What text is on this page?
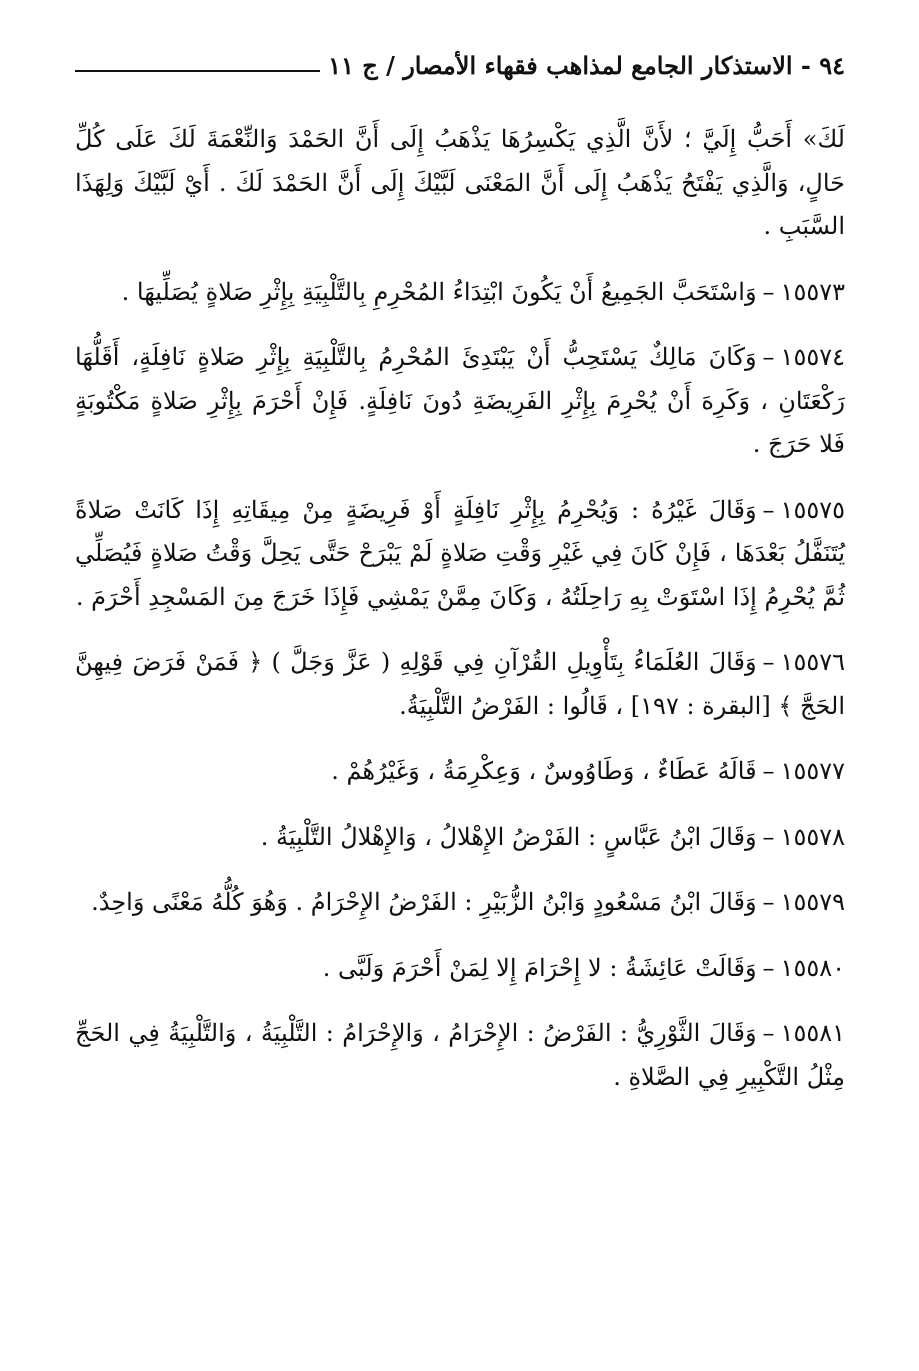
٩٤ - الاستذكار الجامع لمذاهب فقهاء الأمصار / ج ١١

لَكَ» أَحَبُّ إِلَيَّ ؛ لأَنَّ الَّذِي يَكْسِرُهَا يَذْهَبُ إِلَى أَنَّ الحَمْدَ وَالنِّعْمَةَ لَكَ عَلَى كُلِّ حَالٍ، وَالَّذِي يَفْتَحُ يَذْهَبُ إِلَى أَنَّ المَعْنَى لَبَّيْكَ إِلَى أَنَّ الحَمْدَ لَكَ . أَيْ لَبَّيْكَ وَلِهَذَا السَّبَبِ .

١٥٥٧٣–وَاسْتَحَبَّ الجَمِيعُ أَنْ يَكُونَ ابْتِدَاءُ المُحْرِمِ بِالتَّلْبِيَةِ بِإِثْرِ صَلاةٍ يُصَلِّيهَا .

١٥٥٧٤–وَكَانَ مَالِكٌ يَسْتَحِبُّ أَنْ يَبْتَدِئَ المُحْرِمُ بِالتَّلْبِيَةِ بِإِثْرِ صَلاةٍ نَافِلَةٍ، أَقَلُّهَا رَكْعَتَانِ ، وَكَرِهَ أَنْ يُحْرِمَ بِإِثْرِ الفَرِيضَةِ دُونَ نَافِلَةٍ. فَإِنْ أَحْرَمَ بِإِثْرِ صَلاةٍ مَكْتُوبَةٍ فَلا حَرَجَ .

١٥٥٧٥–وَقَالَ غَيْرُهُ : وَيُحْرِمُ بِإِثْرِ نَافِلَةٍ أَوْ فَرِيضَةٍ مِنْ مِيقَاتِهِ إِذَا كَانَتْ صَلاةً يُتَنَفَّلُ بَعْدَهَا ، فَإِنْ كَانَ فِي غَيْرِ وَقْتِ صَلاةٍ لَمْ يَبْرَحْ حَتَّى يَحِلَّ وَقْتُ صَلاةٍ فَيُصَلِّي ثُمَّ يُحْرِمُ إِذَا اسْتَوَتْ بِهِ رَاحِلَتُهُ ، وَكَانَ مِمَّنْ يَمْشِي فَإِذَا خَرَجَ مِنَ المَسْجِدِ أَحْرَمَ .

١٥٥٧٦–وَقَالَ العُلَمَاءُ بِتَأْوِيلِ القُرْآنِ فِي قَوْلِهِ ( عَزَّ وَجَلَّ ) ﴿ فَمَنْ فَرَضَ فِيهِنَّ الحَجَّ ﴾ [البقرة : ١٩٧] ، قَالُوا : الفَرْضُ التَّلْبِيَةُ.

١٥٥٧٧–قَالَهُ عَطَاءٌ ، وَطَاوُوسٌ ، وَعِكْرِمَةُ ، وَغَيْرُهُمْ .

١٥٥٧٨–وَقَالَ ابْنُ عَبَّاسٍ : الفَرْضُ الإِهْلالُ ، وَالإِهْلالُ التَّلْبِيَةُ .

١٥٥٧٩–وَقَالَ ابْنُ مَسْعُودٍ وَابْنُ الزُّبَيْرِ : الفَرْضُ الإِحْرَامُ . وَهُوَ كُلُّهُ مَعْنًى وَاحِدٌ.

١٥٥٨٠–وَقَالَتْ عَائِشَةُ : لا إِحْرَامَ إِلا لِمَنْ أَحْرَمَ وَلَبَّى .

١٥٥٨١–وَقَالَ الثَّوْرِيُّ : الفَرْضُ : الإِحْرَامُ ، وَالإِحْرَامُ : التَّلْبِيَةُ ، وَالتَّلْبِيَةُ فِي الحَجِّ مِثْلُ التَّكْبِيرِ فِي الصَّلاةِ .
